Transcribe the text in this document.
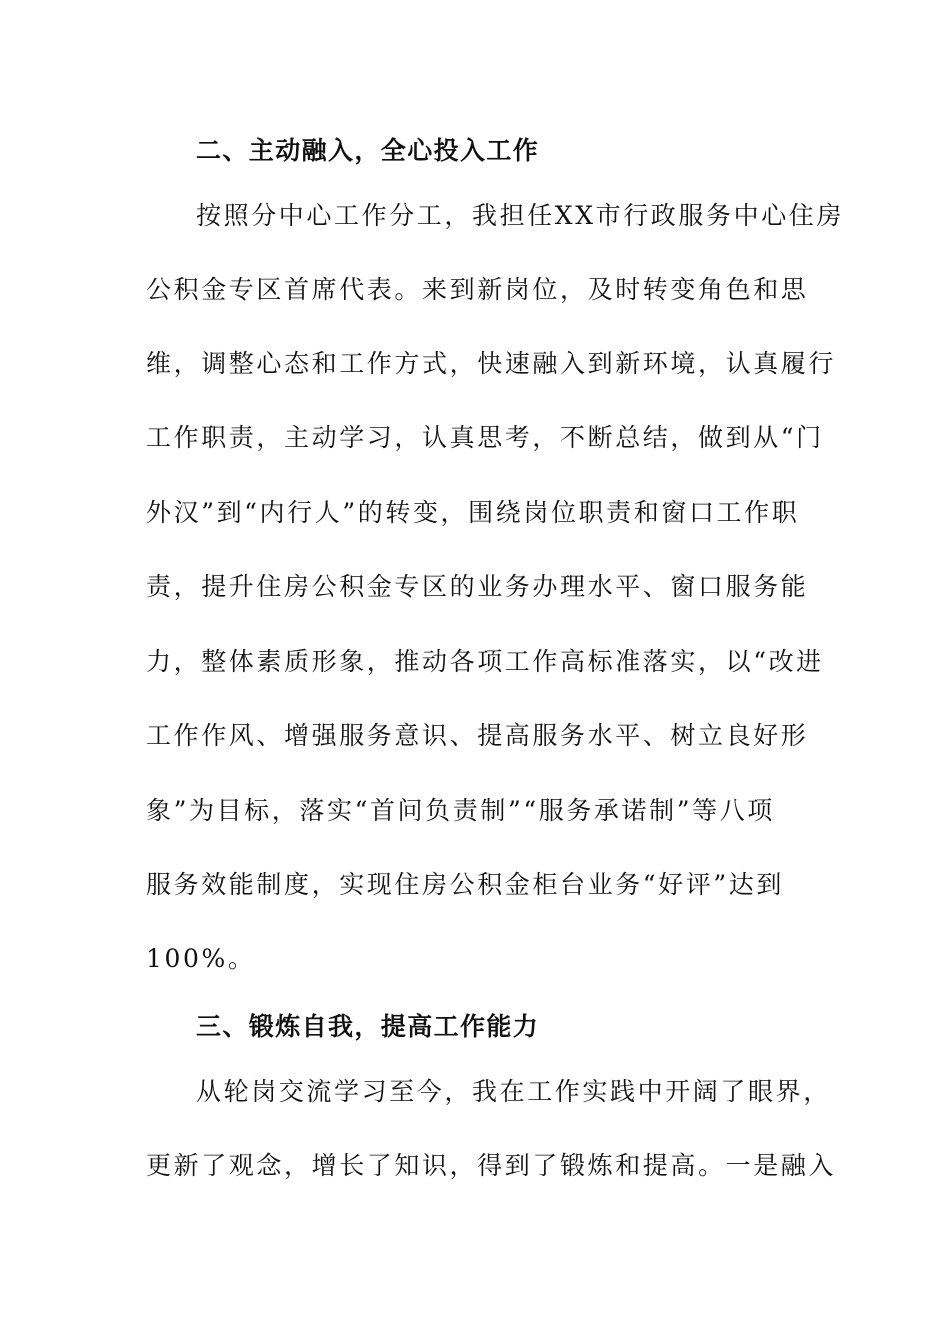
二、主动融入，全心投入工作
按照分中心工作分工，我担任XX市行政服务中心住房
公积金专区首席代表。来到新岗位，及时转变角色和思
维，调整心态和工作方式，快速融入到新环境，认真履行
工作职责，主动学习，认真思考，不断总结，做到从“门
外汉”到“内行人”的转变，围绕岗位职责和窗口工作职
责，提升住房公积金专区的业务办理水平、窗口服务能
力，整体素质形象，推动各项工作高标准落实，以“改进
工作作风、增强服务意识、提高服务水平、树立良好形
象”为目标，落实“首问负责制”“服务承诺制”等八项
服务效能制度，实现住房公积金柜台业务“好评”达到
100%。
三、锻炼自我，提高工作能力
从轮岗交流学习至今，我在工作实践中开阔了眼界，
更新了观念，增长了知识，得到了锻炼和提高。一是融入
